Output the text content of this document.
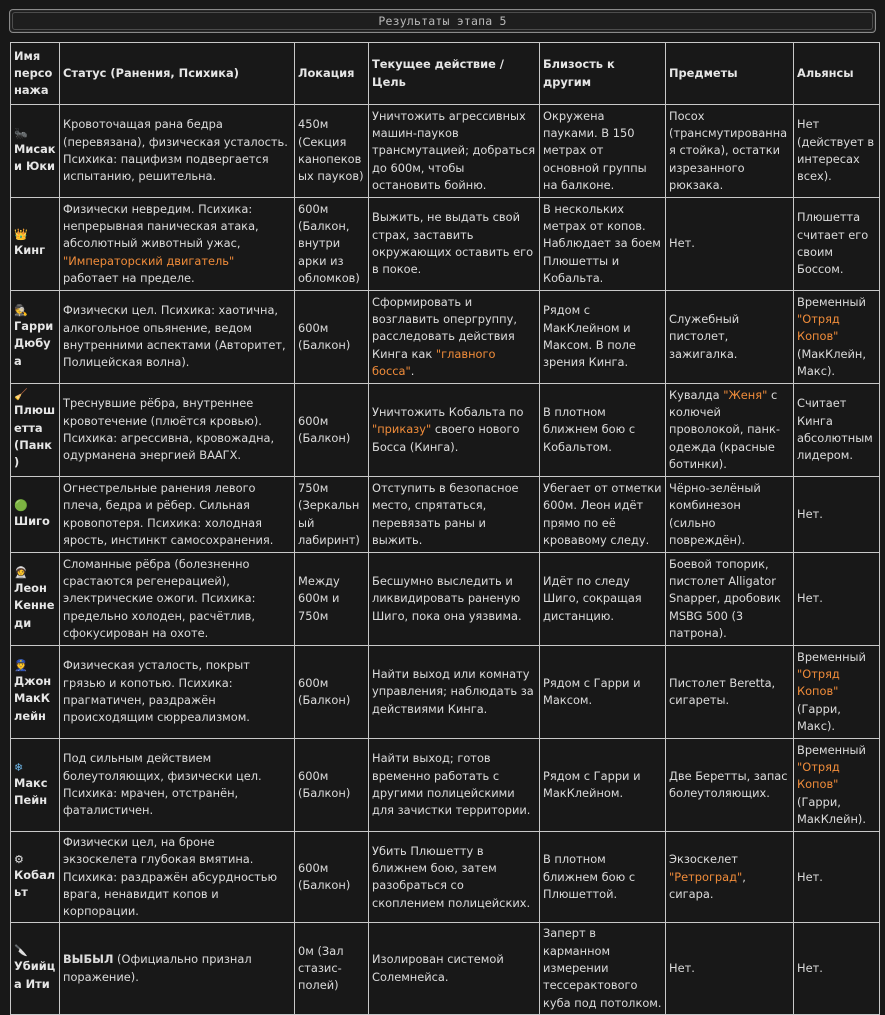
Результаты этапа 5
Имя персонажа	Статус (Ранения, Психика)	Локация	Текущее действие / Цель	Близость к другим	Предметы	Альянсы

🐜
Мисак и Юки	Кровоточащая рана бедра (перевязана), физическая усталость. Психика: пацифизм подвергается испытанию, решительна.	450м (Секция канопеков ых пауков)	Уничтожить агрессивных машин-пауков трансмутацией; добраться до 600м, чтобы остановить бойню.	Окружена пауками. В 150 метрах от основной группы на балконе.	Посох (трансмутированная стойка), остатки изрезанного рюкзака.	Нет (действует в интересах всех).

👑
Кинг	Физически невредим. Психика: непрерывная паническая атака, абсолютный животный ужас, "Императорский двигатель" работает на пределе.	600м (Балкон, внутри арки из обломков)	Выжить, не выдать свой страх, заставить окружающих оставить его в покое.	В нескольких метрах от копов. Наблюдает за боем Плюшетты и Кобальта.	Нет.	Плюшетта считает его своим Боссом.

🕵
Гарри Дюбуа	Физически цел. Психика: хаотична, алкогольное опьянение, ведом внутренними аспектами (Авторитет, Полицейская волна).	600м (Балкон)	Сформировать и возглавить опергруппу, расследовать действия Кинга как "главного босса".	Рядом с МакКлейном и Максом. В поле зрения Кинга.	Служебный пистолет, зажигалка.	Временный "Отряд Копов" (МакКлейн, Макс).

🧹
Плюшетта (Панк)	Треснувшие рёбра, внутреннее кровотечение (плюётся кровью). Психика: агрессивна, кровожадна, одурманена энергией ВААГХ.	600м (Балкон)	Уничтожить Кобальта по "приказу" своего нового Босса (Кинга).	В плотном ближнем бою с Кобальтом.	Кувалда "Женя" с колючей проволокой, панк-одежда (красные ботинки).	Считает Кинга абсолютным лидером.

🟢
Шиго	Огнестрельные ранения левого плеча, бедра и рёбер. Сильная кровопотеря. Психика: холодная ярость, инстинкт самосохранения.	750м (Зеркальный лабиринт)	Отступить в безопасное место, спрятаться, перевязать раны и выжить.	Убегает от отметки 600м. Леон идёт прямо по её кровавому следу.	Чёрно-зелёный комбинезон (сильно повреждён).	Нет.

🧑‍🚀
Леон Кеннеди	Сломанные рёбра (болезненно срастаются регенерацией), электрические ожоги. Психика: предельно холоден, расчётлив, сфокусирован на охоте.	Между 600м и 750м	Бесшумно выследить и ликвидировать раненую Шиго, пока она уязвима.	Идёт по следу Шиго, сокращая дистанцию.	Боевой топорик, пистолет Alligator Snapper, дробовик MSBG 500 (3 патрона).	Нет.

👮
Джон МакКлейн	Физическая усталость, покрыт грязью и копотью. Психика: прагматичен, раздражён происходящим сюрреализмом.	600м (Балкон)	Найти выход или комнату управления; наблюдать за действиями Кинга.	Рядом с Гарри и Максом.	Пистолет Beretta, сигареты.	Временный "Отряд Копов" (Гарри, Макс).

❄
Макс Пейн	Под сильным действием болеутоляющих, физически цел. Психика: мрачен, отстранён, фаталистичен.	600м (Балкон)	Найти выход; готов временно работать с другими полицейскими для зачистки территории.	Рядом с Гарри и МакКлейном.	Две Беретты, запас болеутоляющих.	Временный "Отряд Копов" (Гарри, МакКлейн).

⚙
Кобальт	Физически цел, на броне экзоскелета глубокая вмятина. Психика: раздражён абсурдностью врага, ненавидит копов и корпорации.	600м (Балкон)	Убить Плюшетту в ближнем бою, затем разобраться со скоплением полицейских.	В плотном ближнем бою с Плюшеттой.	Экзоскелет "Ретроград", сигара.	Нет.

🔪
Убийца Ити	ВЫБЫЛ (Официально признал поражение).	0м (Зал стазис-полей)	Изолирован системой Солемнейса.	Заперт в карманном измерении тессерактового куба под потолком.	Нет.	Нет.
